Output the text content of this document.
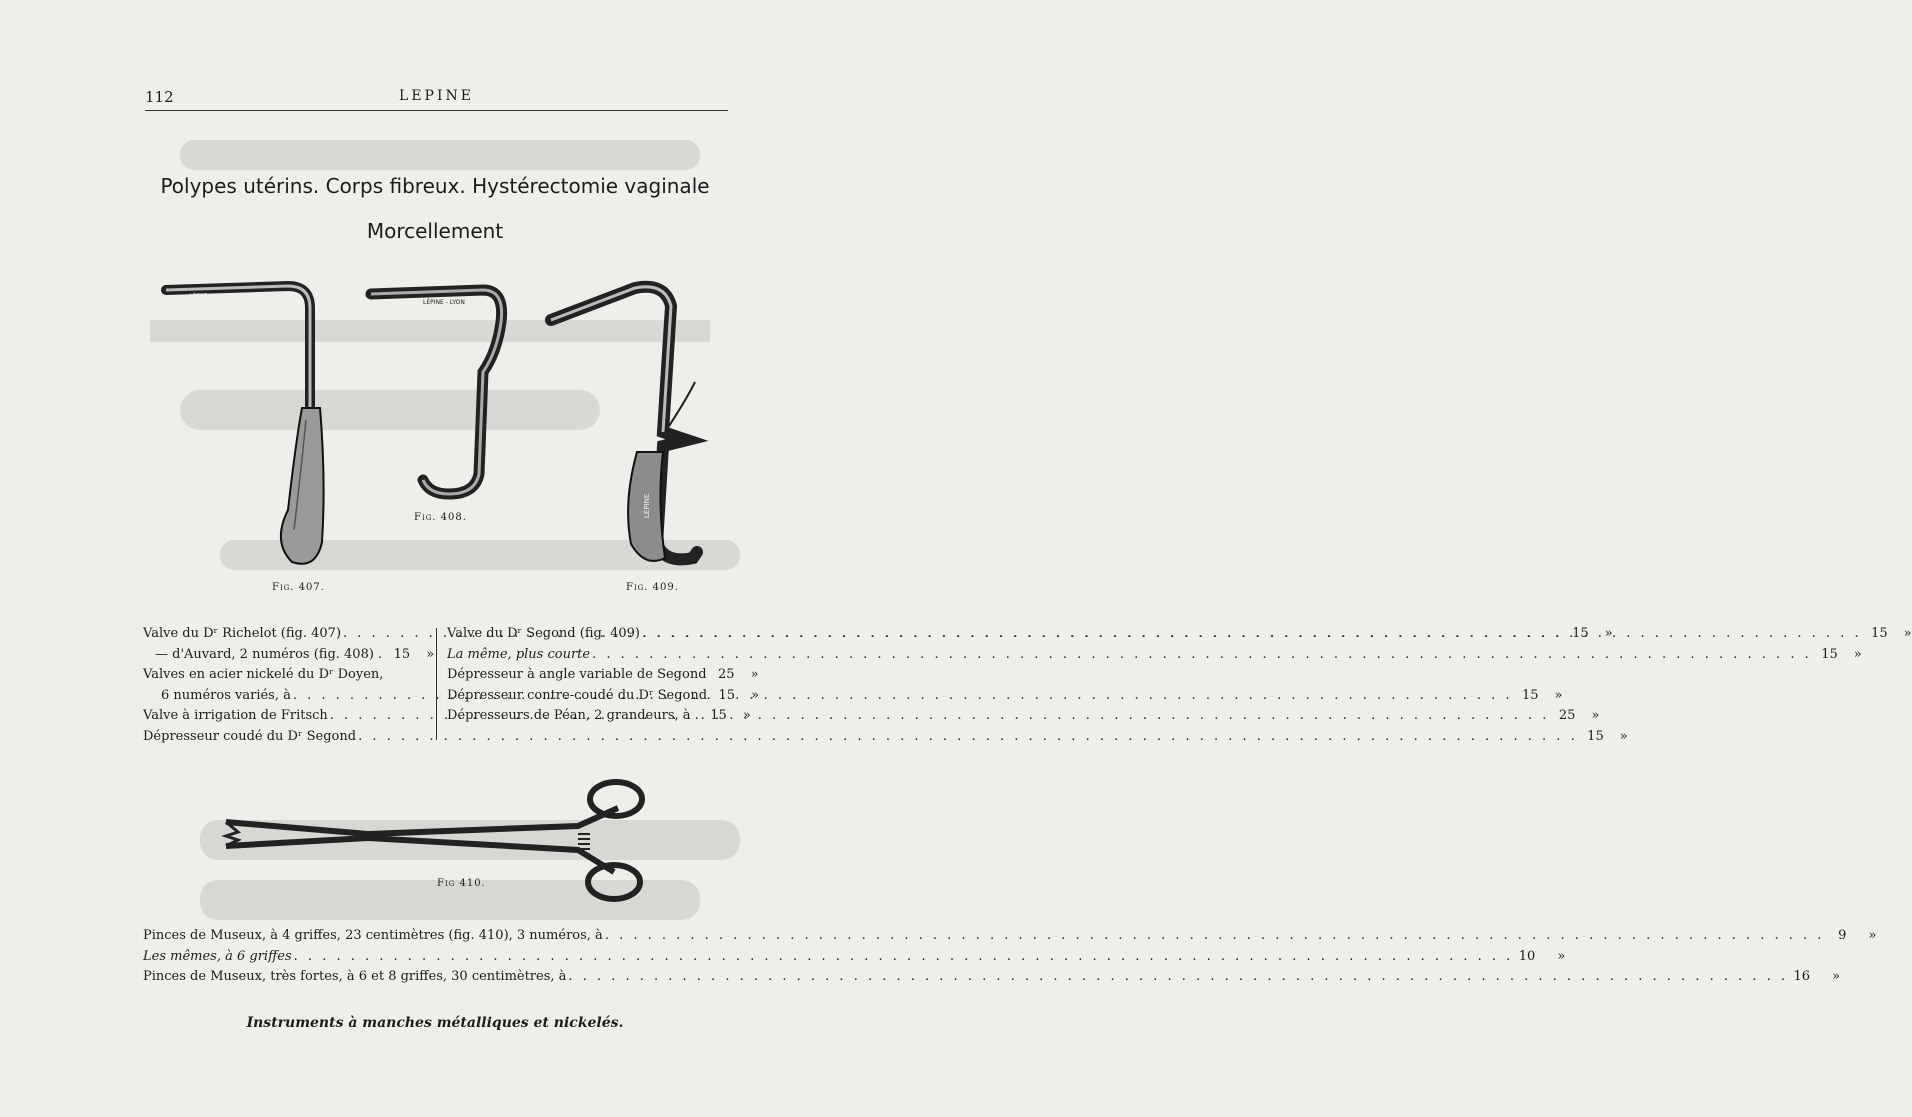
112	LEPINE
Polypes utérins. Corps fibreux. Hystérectomie vaginale
Morcellement
LÉPINE
Fig. 407.
LÉPINE - LYON
Fig. 408.	LÉPINE
Fig. 409.
Valve du Dʳ Richelot (fig. 407) . . .	15	»
— d'Auvard, 2 numéros (fig. 408) . 15	»
Valves en acier nickelé du Dʳ Doyen,
6 numéros variés, à . . .	15	»
Valve à irrigation de Fritsch . . .	25	»
Dépresseur coudé du Dʳ Segond . . .	15	»
Valve du Dʳ Segond (fig. 409) . . .	15	»
La même, plus courte . . .	15	»
Dépresseur à angle variable de Segond . . . 25	»
Dépresseur contre-coudé du Dʳ Segond . . . 15	»
Dépresseurs de Péan, 2 grandeurs, à . 15	»
LÉPINE
Fig 410.
Pinces de Museux, à 4 griffes, 23 centimètres (fig. 410), 3 numéros, à . . .	9	»
Les mêmes, à 6 griffes . . .	10	»
Pinces de Museux, très fortes, à 6 et 8 griffes, 30 centimètres, à . . .	16	»
Instruments à manches métalliques et nickelés.
